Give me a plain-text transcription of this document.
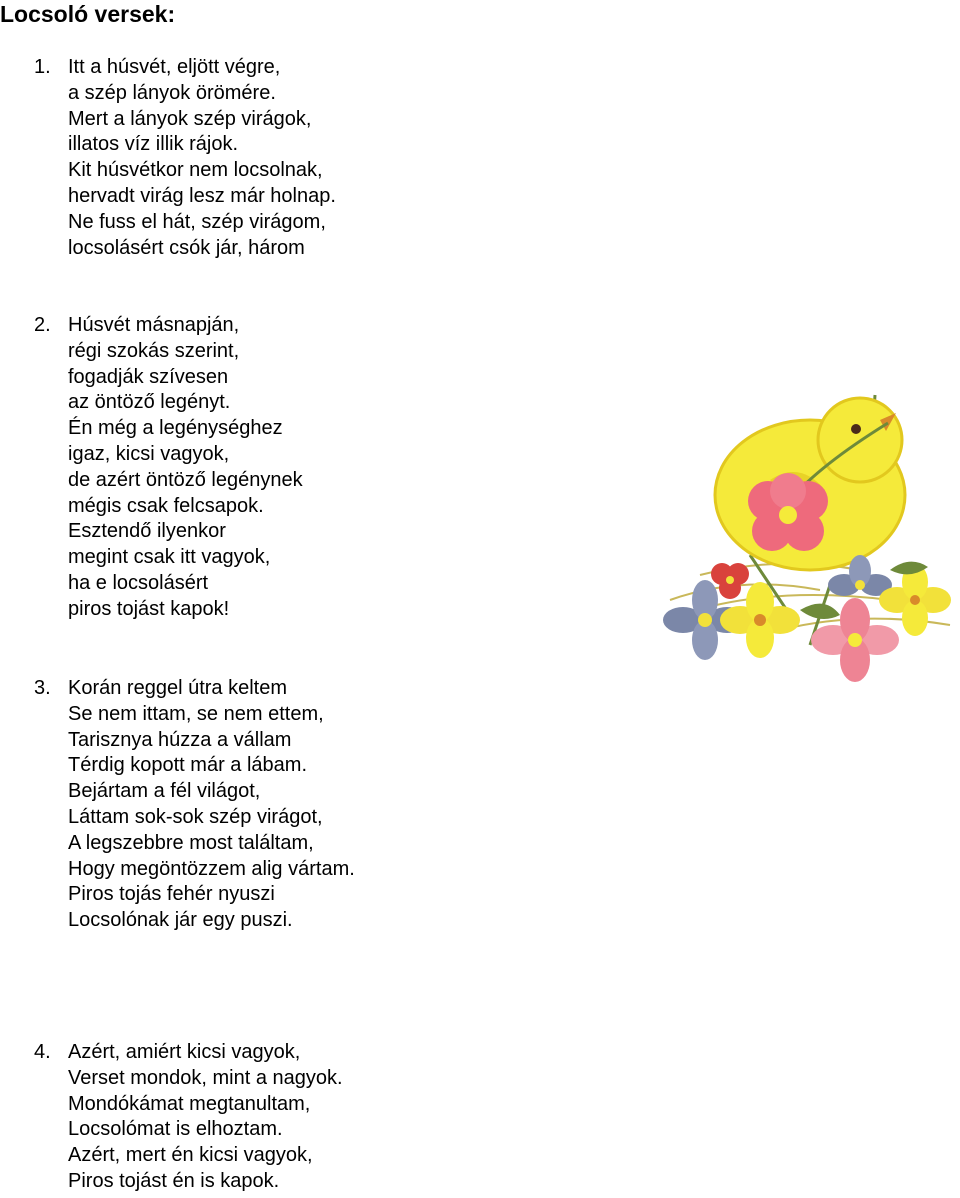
Locsoló versek:
1. Itt a húsvét, eljött végre,
a szép lányok örömére.
Mert a lányok szép virágok,
illatos víz illik rájok.
Kit húsvétkor nem locsolnak,
hervadt virág lesz már holnap.
Ne fuss el hát, szép virágom,
locsolásért csók jár, három
2. Húsvét másnapján,
régi szokás szerint,
fogadják szívesen
az öntöző legényt.
Én még a legénységhez
igaz, kicsi vagyok,
de azért öntöző legénynek
mégis csak felcsapok.
Esztendő ilyenkor
megint csak itt vagyok,
ha e locsolásért
piros tojást kapok!
3. Korán reggel útra keltem
Se nem ittam, se nem ettem,
Tarisznya húzza a vállam
Térdig kopott már a lábam.
Bejártam a fél világot,
Láttam sok-sok szép virágot,
A legszebbre most találtam,
Hogy megöntözzem alig vártam.
Piros tojás fehér nyuszi
Locsolónak jár egy puszi.
4. Azért, amiért kicsi vagyok,
Verset mondok, mint a nagyok.
Mondókámat megtanultam,
Locsolómat is elhoztam.
Azért, mert én kicsi vagyok,
Piros tojást én is kapok.
